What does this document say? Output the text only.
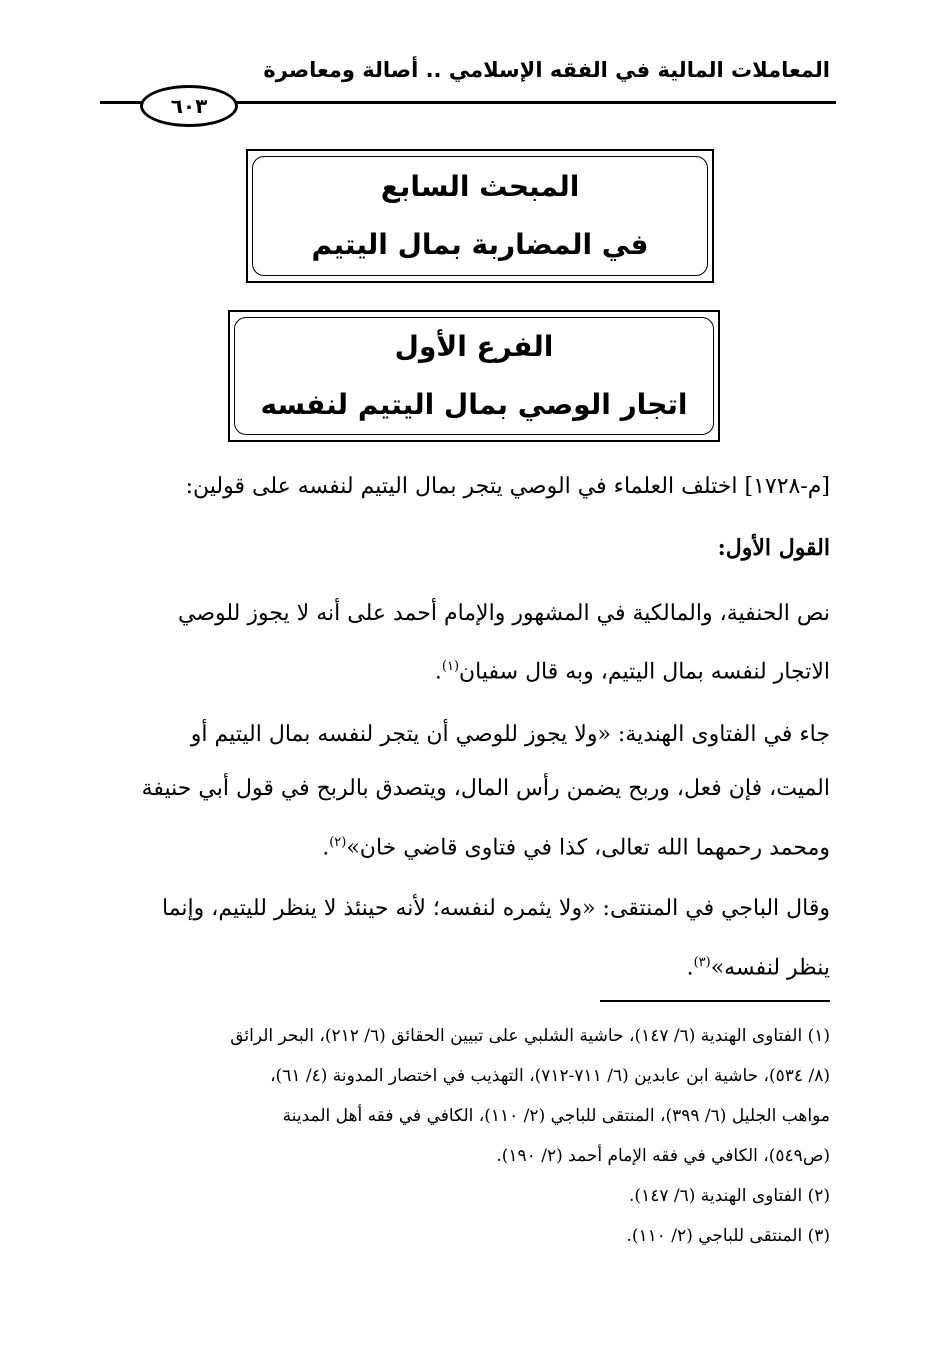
المعاملات المالية في الفقه الإسلامي .. أصالة ومعاصرة
٦٠٣
المبحث السابع
في المضاربة بمال اليتيم
الفرع الأول
اتجار الوصي بمال اليتيم لنفسه
[م-١٧٢٨] اختلف العلماء في الوصي يتجر بمال اليتيم لنفسه على قولين:
القول الأول:
نص الحنفية، والمالكية في المشهور والإمام أحمد على أنه لا يجوز للوصي
الاتجار لنفسه بمال اليتيم، وبه قال سفيان$^{(١)}$.
جاء في الفتاوى الهندية: «ولا يجوز للوصي أن يتجر لنفسه بمال اليتيم أو
الميت، فإن فعل، وربح يضمن رأس المال، ويتصدق بالربح في قول أبي حنيفة
ومحمد رحمهما الله تعالى، كذا في فتاوى قاضي خان»$^{(٢)}$.
وقال الباجي في المنتقى: «ولا يثمره لنفسه؛ لأنه حينئذ لا ينظر لليتيم، وإنما
ينظر لنفسه»$^{(٣)}$.
(١) الفتاوى الهندية (٦/ ١٤٧)، حاشية الشلبي على تبيين الحقائق (٦/ ٢١٢)، البحر الرائق
(٨/ ٥٣٤)، حاشية ابن عابدين (٦/ ٧١١-٧١٢)، التهذيب في اختصار المدونة (٤/ ٦١)،
مواهب الجليل (٦/ ٣٩٩)، المنتقى للباجي (٢/ ١١٠)، الكافي في فقه أهل المدينة
(ص٥٤٩)، الكافي في فقه الإمام أحمد (٢/ ١٩٠).
(٢) الفتاوى الهندية (٦/ ١٤٧).
(٣) المنتقى للباجي (٢/ ١١٠).
